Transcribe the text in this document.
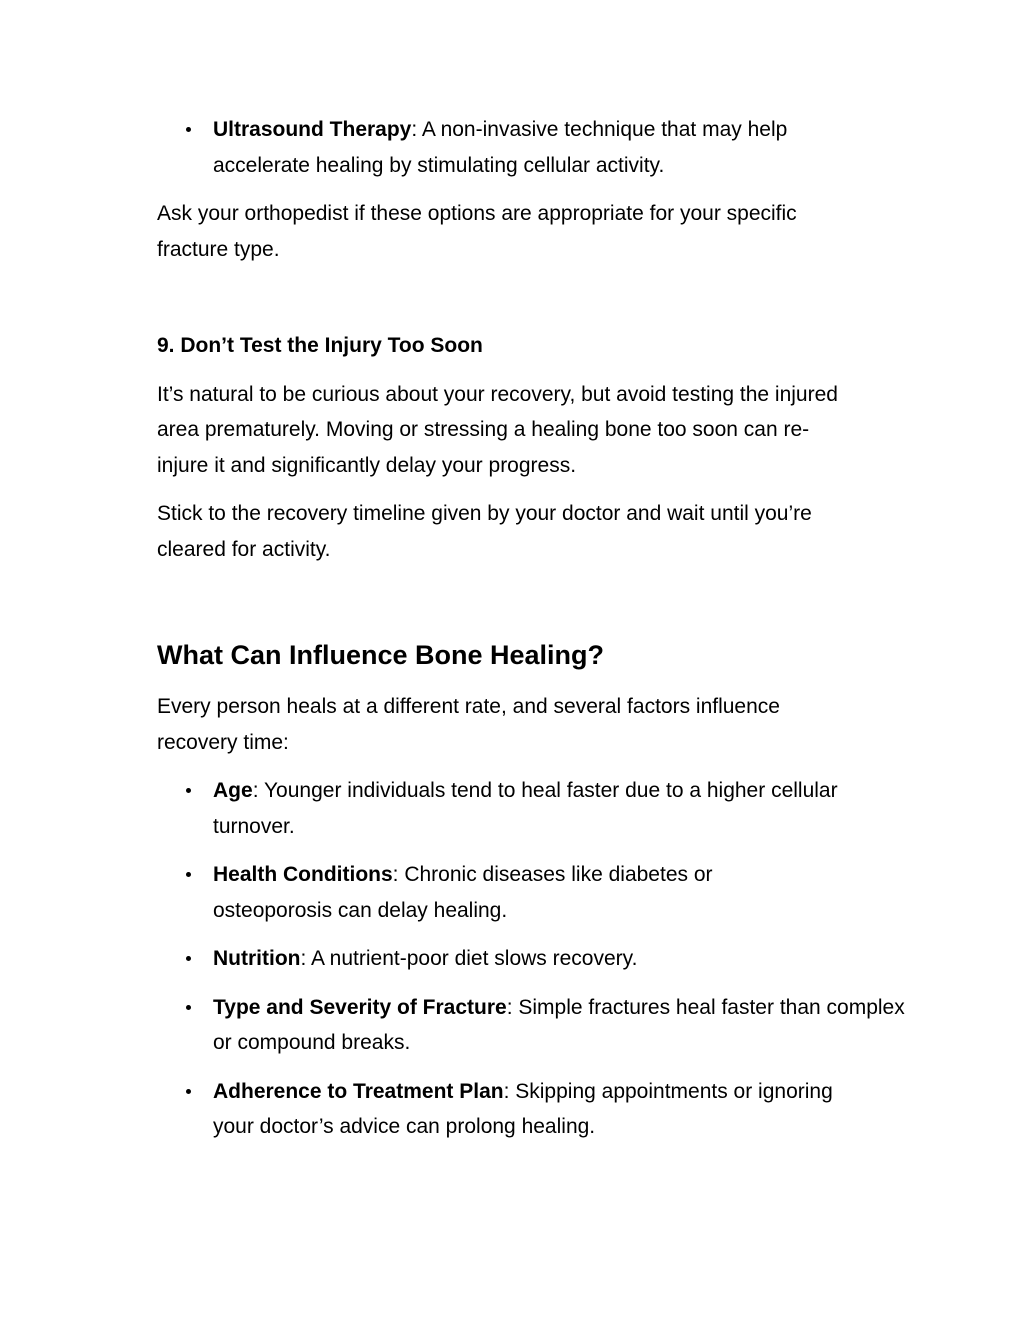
Ultrasound Therapy: A non-invasive technique that may help accelerate healing by stimulating cellular activity.

Ask your orthopedist if these options are appropriate for your specific fracture type.

9. Don’t Test the Injury Too Soon

It’s natural to be curious about your recovery, but avoid testing the injured area prematurely. Moving or stressing a healing bone too soon can re-injure it and significantly delay your progress.

Stick to the recovery timeline given by your doctor and wait until you’re cleared for activity.

What Can Influence Bone Healing?

Every person heals at a different rate, and several factors influence recovery time:

Age: Younger individuals tend to heal faster due to a higher cellular turnover.
Health Conditions: Chronic diseases like diabetes or osteoporosis can delay healing.
Nutrition: A nutrient-poor diet slows recovery.
Type and Severity of Fracture: Simple fractures heal faster than complex or compound breaks.
Adherence to Treatment Plan: Skipping appointments or ignoring your doctor’s advice can prolong healing.
